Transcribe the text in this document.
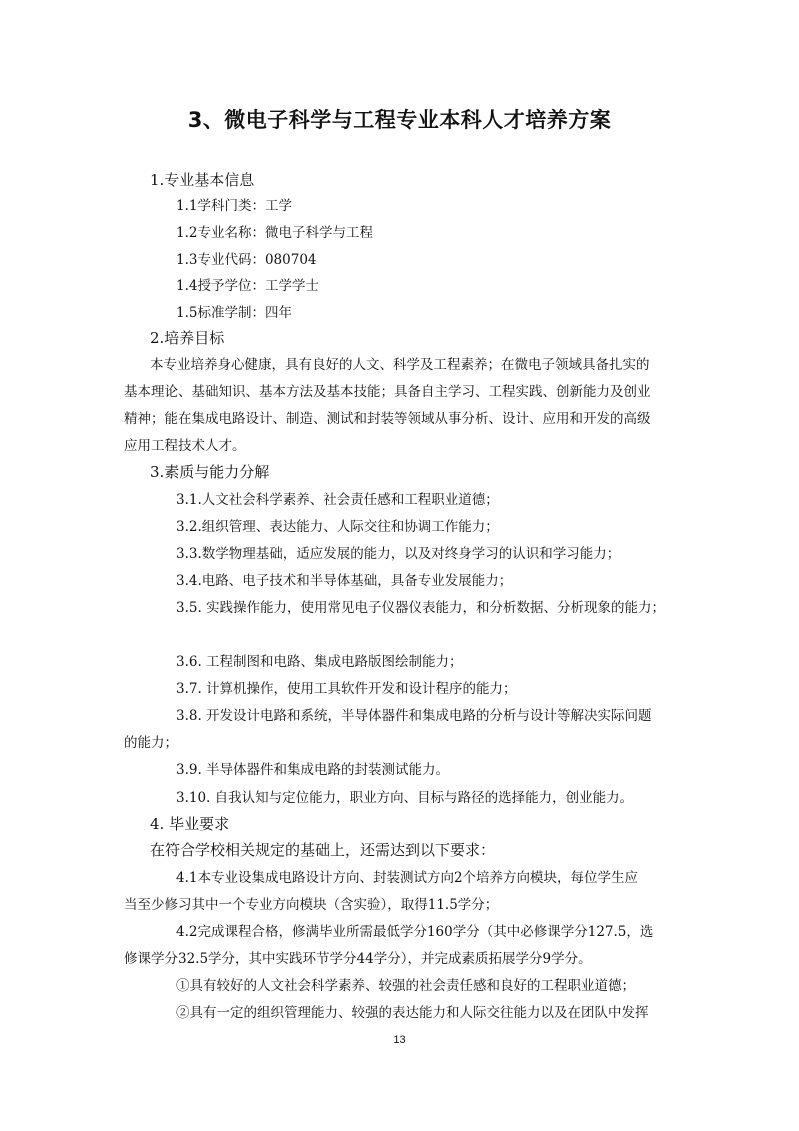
3、微电子科学与工程专业本科人才培养方案
1.专业基本信息
1.1学科门类：工学
1.2专业名称：微电子科学与工程
1.3专业代码：080704
1.4授予学位：工学学士
1.5标准学制：四年
2.培养目标
本专业培养身心健康，具有良好的人文、科学及工程素养；在微电子领域具备扎实的
基本理论、基础知识、基本方法及基本技能；具备自主学习、工程实践、创新能力及创业
精神；能在集成电路设计、制造、测试和封装等领域从事分析、设计、应用和开发的高级
应用工程技术人才。
3.素质与能力分解
3.1.人文社会科学素养、社会责任感和工程职业道德；
3.2.组织管理、表达能力、人际交往和协调工作能力；
3.3.数学物理基础，适应发展的能力，以及对终身学习的认识和学习能力；
3.4.电路、电子技术和半导体基础，具备专业发展能力；
3.5. 实践操作能力，使用常见电子仪器仪表能力，和分析数据、分析现象的能力；
3.6. 工程制图和电路、集成电路版图绘制能力；
3.7. 计算机操作，使用工具软件开发和设计程序的能力；
3.8. 开发设计电路和系统，半导体器件和集成电路的分析与设计等解决实际问题
的能力；
3.9. 半导体器件和集成电路的封装测试能力。
3.10. 自我认知与定位能力，职业方向、目标与路径的选择能力，创业能力。
4. 毕业要求
在符合学校相关规定的基础上，还需达到以下要求：
4.1本专业设集成电路设计方向、封装测试方向2个培养方向模块，每位学生应
当至少修习其中一个专业方向模块（含实验），取得11.5学分；
4.2完成课程合格，修满毕业所需最低学分160学分（其中必修课学分127.5，选
修课学分32.5学分，其中实践环节学分44学分），并完成素质拓展学分9学分。
①具有较好的人文社会科学素养、较强的社会责任感和良好的工程职业道德；
②具有一定的组织管理能力、较强的表达能力和人际交往能力以及在团队中发挥
13
